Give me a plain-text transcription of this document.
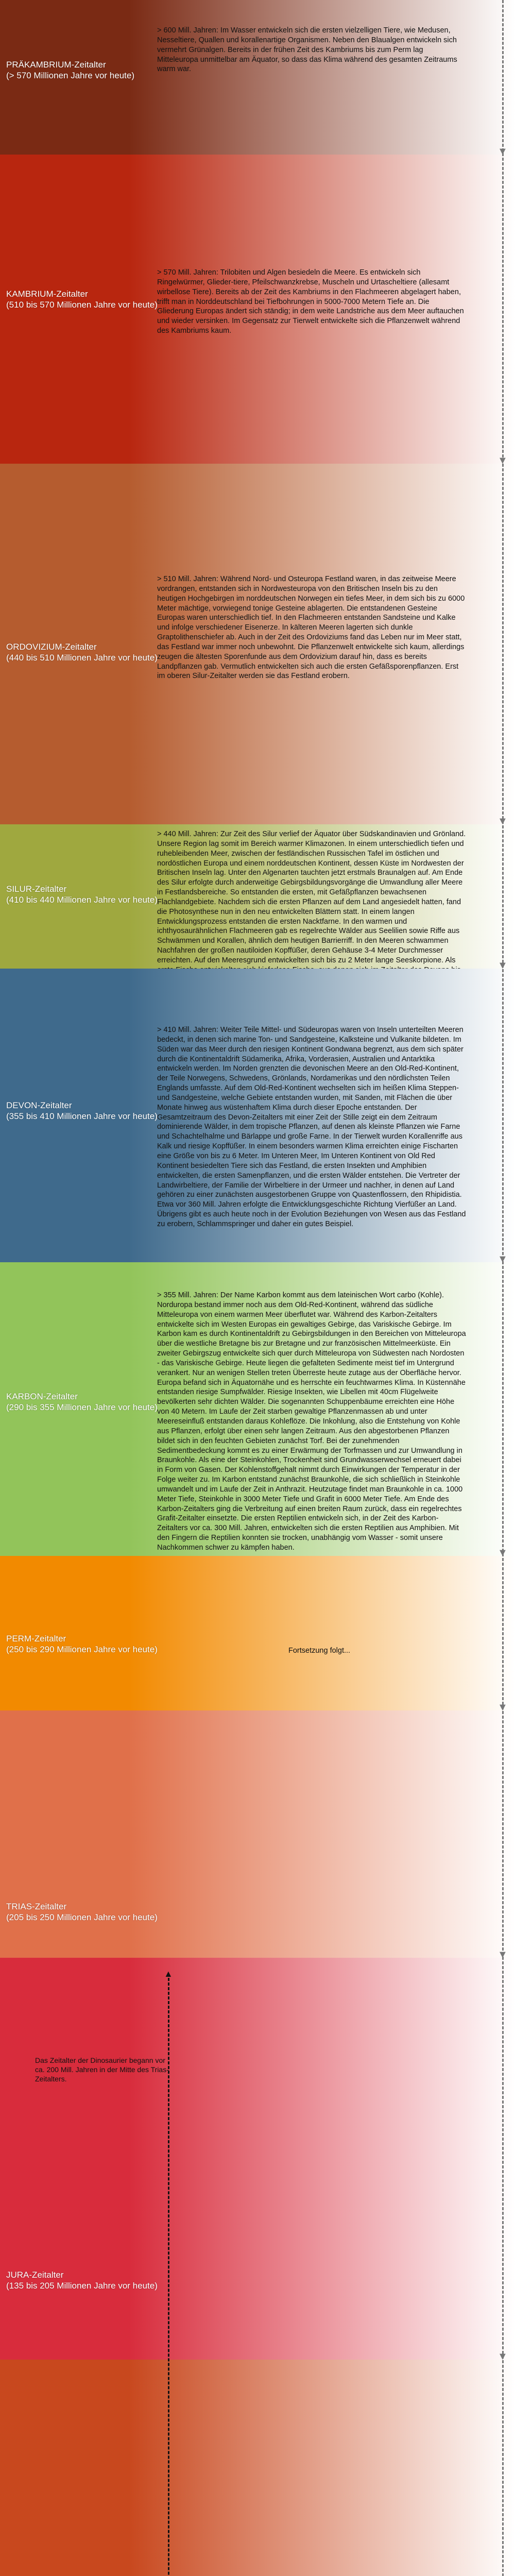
PRÄKAMBRIUM-Zeitalter
(> 570 Millionen Jahre vor heute)
> 600 Mill. Jahren: Im Wasser entwickeln sich die ersten vielzelligen Tiere, wie Medusen, Nesseltiere, Quallen und korallenartige Organismen. Neben den Blaualgen entwickeln sich vermehrt Grünalgen. Bereits in der frühen Zeit des Kambriums bis zum Perm lag Mitteleuropa unmittelbar am Äquator, so dass das Klima während des gesamten Zeitraums warm war.
KAMBRIUM-Zeitalter
(510 bis 570 Millionen Jahre vor heute)
> 570 Mill. Jahren: Trilobiten und Algen besiedeln die Meere. Es entwickeln sich Ringelwürmer, Glieder-tiere, Pfeilschwanzkrebse, Muscheln und Urtascheltiere (allesamt wirbellose Tiere). Bereits ab der Zeit des Kambriums in den Flachmeeren abgelagert haben, trifft man in Norddeutschland bei Tiefbohrungen in 5000-7000 Metern Tiefe an. Die Gliederung Europas ändert sich ständig; in dem weite Landstriche aus dem Meer auftauchen und wieder versinken. Im Gegensatz zur Tierwelt entwickelte sich die Pflanzenwelt während des Kambriums kaum.
ORDOVIZIUM-Zeitalter
(440 bis 510 Millionen Jahre vor heute)
> 510 Mill. Jahren: Während Nord- und Osteuropa Festland waren, in das zeitweise Meere vordrangen, entstanden sich in Nordwesteuropa von den Britischen Inseln bis zu den heutigen Hochgebirgen im norddeutschen Norwegen ein tiefes Meer, in dem sich bis zu 6000 Meter mächtige, vorwiegend tonige Gesteine ablagerten. Die entstandenen Gesteine Europas waren unterschiedlich tief. In den Flachmeeren entstanden Sandsteine und Kalke und infolge verschiedener Eisenerze. In kälteren Meeren lagerten sich dunkle Graptolithenschiefer ab. Auch in der Zeit des Ordoviziums fand das Leben nur im Meer statt, das Festland war immer noch unbewohnt. Die Pflanzenwelt entwickelte sich kaum, allerdings zeugen die ältesten Sporenfunde aus dem Ordovizium darauf hin, dass es bereits Landpflanzen gab. Vermutlich entwickelten sich auch die ersten Gefäßsporenpflanzen. Erst im oberen Silur-Zeitalter werden sie das Festland erobern.
SILUR-Zeitalter
(410 bis 440 Millionen Jahre vor heute)
> 440 Mill. Jahren: Zur Zeit des Silur verlief der Äquator über Südskandinavien und Grönland. Unsere Region lag somit im Bereich warmer Klimazonen. In einem unterschiedlich tiefen und ruhebleibenden Meer, zwischen der festländischen Russischen Tafel im östlichen und nordöstlichen Europa und einem norddeutschen Kontinent, dessen Küste im Nordwesten der Britischen Inseln lag. Unter den Algenarten tauchten jetzt erstmals Braunalgen auf. Am Ende des Silur erfolgte durch anderweitige Gebirgsbildungsvorgänge die Umwandlung aller Meere in Festlandsbereiche. So entstanden die ersten, mit Gefäßpflanzen bewachsenen Flachlandgebiete. Nachdem sich die ersten Pflanzen auf dem Land angesiedelt hatten, fand die Photosynthese nun in den neu entwickelten Blättern statt. In einem langen Entwicklungsprozess entstanden die ersten Nacktfarne. In den warmen und ichthyosaurähnlichen Flachmeeren gab es regelrechte Wälder aus Seelilien sowie Riffe aus Schwämmen und Korallen, ähnlich dem heutigen Barrierriff. In den Meeren schwammen Nachfahren der großen nautiloiden Kopffüßer, deren Gehäuse 3-4 Meter Durchmesser erreichten. Auf den Meeresgrund entwickelten sich bis zu 2 Meter lange Seeskorpione. Als
DEVON-Zeitalter
(355 bis 410 Millionen Jahre vor heute)
> 410 Mill. Jahren: Weiter Teile Mittel- und Südeuropas waren von Inseln unterteilten Meeren bedeckt, in denen sich marine Ton- und Sandgesteine, Kalksteine und Vulkanite bildeten. Im Süden war das Meer durch den riesigen Kontinent Gondwana begrenzt, aus dem sich später durch die Kontinentaldrift Südamerika, Afrika, Vorderasien, Australien und Antarktika entwickeln werden. Im Norden grenzten die devonischen Meere an den Old-Red-Kontinent, der Teile Norwegens, Schwedens, Grönlands, Nordamerikas und den nördlichsten Teilen Englands umfasste. Auf dem Old-Red-Kontinent wechselten sich im heißen Klima Steppen- und Sandgesteine, welche Gebiete entstanden wurden, mit Sanden, mit Flächen die über Monate hinweg aus wüstenhaftem Klima durch dieser Epoche entstanden. Der Gesamtzeitraum des Devon-Zeitalters mit einer Zeit der Stille zeigt ein dem Zeitraum dominierende Wälder, in dem tropische Pflanzen, auf denen als kleinste Pflanzen wie Farne und Schachtelhalme und Bärlappe und große Farne. In der Tierwelt wurden Korallenriffe aus Kalk und riesige Kopffüßer. In einem besonders warmen Klima erreichten einige Fischarten eine Größe von bis zu 6 Meter. Im Unteren Meer, Im Unteren Kontinent von Old Red Kontinent besiedelten Tiere sich das Festland, die ersten Insekten und Amphibien entwickelten, die ersten Samenpflanzen, und die ersten Wälder entstehen. Die Vertreter der Landwirbeltiere, der Familie der Wirbeltiere in der Urmeer und nachher, in denen auf Land gehören zu einer zunächsten ausgestorbenen Gruppe von Quastenflossern, den Rhipidistia. Etwa vor 360 Mill. Jahren erfolgte die Entwicklungsgeschichte Richtung Vierfüßer an Land. Übrigens gibt es auch heute noch in der Evolution Beziehungen von Wesen aus das Festland zu erobern, Schlammspringer und daher ein gutes Beispiel.
KARBON-Zeitalter
(290 bis 355 Millionen Jahre vor heute)
> 355 Mill. Jahren: Der Name Karbon kommt aus dem lateinischen Wort carbo (Kohle). Norduropa bestand immer noch aus dem Old-Red-Kontinent, während das südliche Mitteleuropa von einem warmen Meer überflutet war. Während des Karbon-Zeitalters entwickelte sich im Westen Europas ein gewaltiges Gebirge, das Variskische Gebirge. Im Karbon kam es durch Kontinentaldrift zu Gebirgsbildungen in den Bereichen von Mitteleuropa über die westliche Bretagne bis zur Bretagne und zur französischen Mittelmeerküste. Ein zweiter Gebirgszug entwickelte sich quer durch Mitteleuropa von Südwesten nach Nordosten - das Variskische Gebirge. Heute liegen die gefalteten Sedimente meist tief im Untergrund verankert. Nur an wenigen Stellen treten Überreste heute zutage aus der Oberfläche hervor. Europa befand sich in Äquatornähe und es herrschte ein feuchtwarmes Klima. In Küstennähe entstanden riesige Sumpfwälder. Riesige Insekten, wie Libellen mit 40cm Flügelweite bevölkerten sehr dichten Wälder. Die sogenannten Schuppenbäume erreichten eine Höhe von 40 Metern. Im Laufe der Zeit starben gewaltige Pflanzenmassen ab und unter Meereseinfluß entstanden daraus Kohleflöze. Die Inkohlung, also die Entstehung von Kohle aus Pflanzen, erfolgt über einen sehr langen Zeitraum. Aus den abgestorbenen Pflanzen bildet sich in den feuchten Gebieten zunächst Torf. Bei der zunehmenden Sedimentbedeckung kommt es zu einer Erwärmung der Torfmassen und zur Umwandlung in Braunkohle. Als eine der Steinkohlen, Trockenheit sind Grundwasserwechsel erneuert dabei in Form von Gasen. Der Kohlenstoffgehalt nimmt durch Einwirkungen der Temperatur in der Folge weiter zu. Im Karbon entstand zunächst Braunkohle, die sich schließlich in Steinkohle umwandelt und im Laufe der Zeit in Anthrazit. Heutzutage findet man Braunkohle in ca. 1000 Meter Tiefe, Steinkohle in 3000 Meter Tiefe und Grafit in 6000 Meter Tiefe. Am Ende des Karbon-Zeitalters ging die Verbreitung auf einen breiten Raum zurück, dass ein regelrechtes Grafit-Zeitalter einsetzte. Die ersten Reptilien entwickeln sich, in der Zeit des Karbon-Zeitalters vor ca. 300 Mill. Jahren, entwickelten sich die ersten Reptilien aus Amphibien. Mit den Fingern die Reptilien konnten sie trocken, unabhängig vom Wasser - somit unsere Nachkommen schwer zu kämpfen haben.
PERM-Zeitalter
(250 bis 290 Millionen Jahre vor heute)	Fortsetzung folgt...
TRIAS-Zeitalter
(205 bis 250 Millionen Jahre vor heute)
JURA-Zeitalter
(135 bis 205 Millionen Jahre vor heute)
▼
▼
▼
▼
▼
▼
▼
▼
▼
▲
Das Zeitalter der Dinosaurier begann vor ca. 200 Mill. Jahren in der Mitte des Trias-Zeitalters.
